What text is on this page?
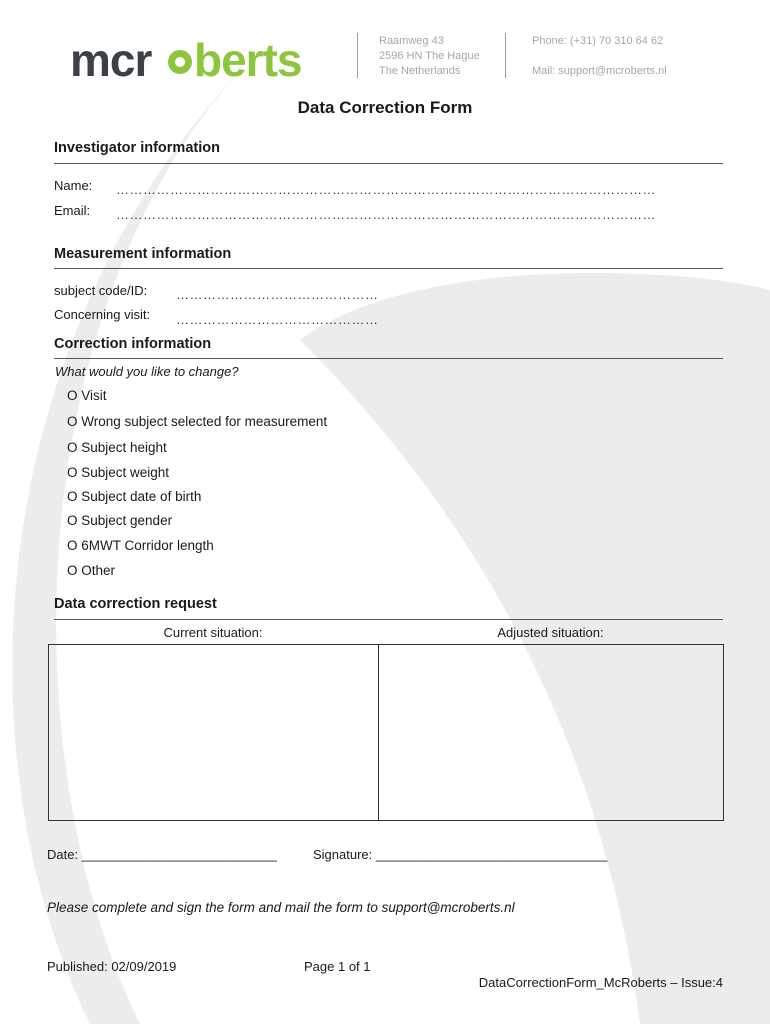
mcr berts	Raamweg 43
2596 HN The Hague
The Netherlands
Phone: (+31) 70 310 64 62
Mail: support@mcroberts.nl
Data Correction Form
Investigator information
Name: …………………………………………………………………………………………………………
Email: …………………………………………………………………………………………………………
Measurement information
subject code/ID: ………………………………………
Concerning visit: ………………………………………
Correction information
What would you like to change?
O Visit
O Wrong subject selected for measurement
O Subject height
O Subject weight
O Subject date of birth
O Subject gender
O 6MWT Corridor length
O Other
Data correction request
Current situation:	Adjusted situation:
Date: ___________________________	Signature: ________________________________
Please complete and sign the form and mail the form to support@mcroberts.nl
Published: 02/09/2019	Page 1 of 1
DataCorrectionForm_McRoberts – Issue:4
